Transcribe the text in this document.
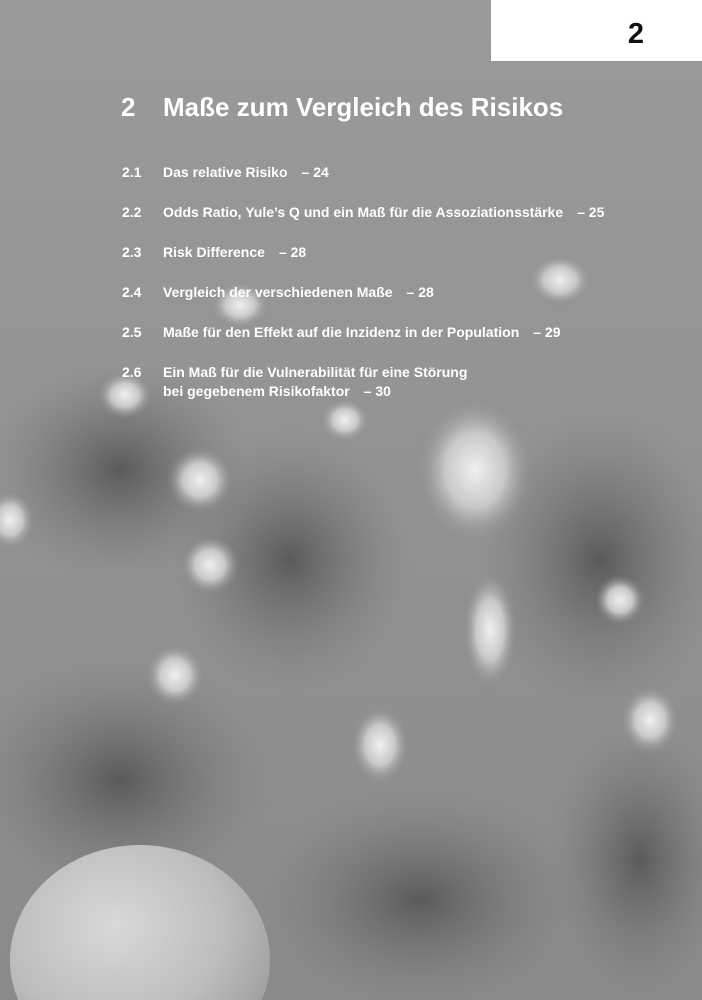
2
2 Maße zum Vergleich des Risikos
2.1 Das relative Risiko – 24
2.2 Odds Ratio, Yule’s Q und ein Maß für die Assoziationsstärke – 25
2.3 Risk Difference – 28
2.4 Vergleich der verschiedenen Maße – 28
2.5 Maße für den Effekt auf die Inzidenz in der Population – 29
2.6 Ein Maß für die Vulnerabilität für eine Störung
bei gegebenem Risikofaktor – 30
